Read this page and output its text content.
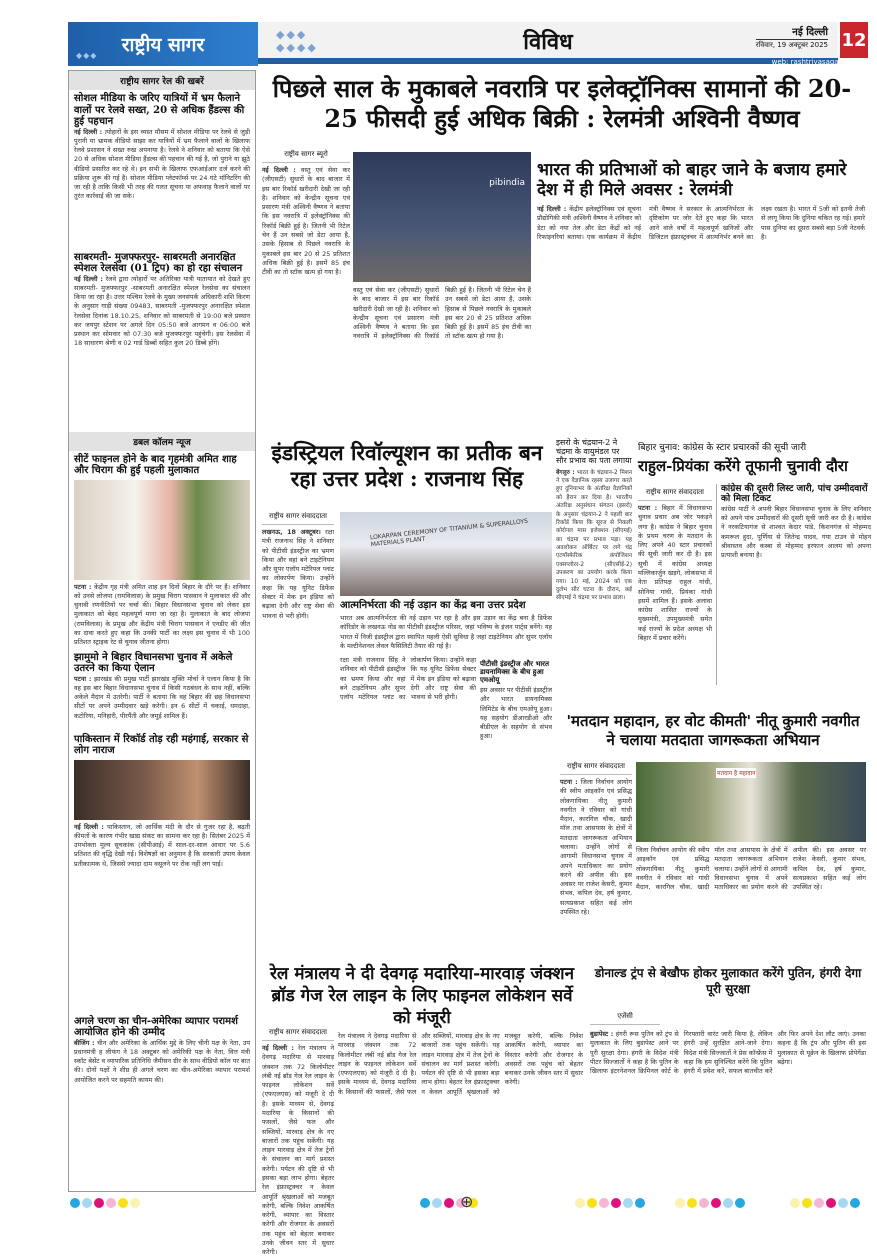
राष्ट्रीय सागर
◆◆◆
◆◆◆
◆◆◆◆	विविध	नई दिल्ली
रविवार, 19 अक्टूबर 2025
web: rashtriyasagar.com
12
राष्ट्रीय सागर रेल की खबरें
सोशल मीडिया के जरिए यात्रियों में भ्रम फैलाने वालों पर रेलवे सख्त, 20 से अधिक हैंडल्स की हुई पहचान
नई दिल्ली : त्योहारों के इस व्यस्त मौसम में सोशल मीडिया पर रेलवे से जुड़ी पुरानी या भ्रामक वीडियो साझा कर यात्रियों में भ्रम फैलाने वालों के खिलाफ रेलवे प्रशासन ने सख्त रुख अपनाया है। रेलवे ने शनिवार को बताया कि ऐसे 20 से अधिक सोशल मीडिया हैंडल्स की पहचान की गई है, जो पुराने या झूठे वीडियो प्रसारित कर रहे थे। इन सभी के खिलाफ एफआईआर दर्ज करने की प्रक्रिया शुरू की गई है। सोशल मीडिया प्लेटफॉर्म्स पर 24 घंटे मॉनिटरिंग की जा रही है ताकि किसी भी तरह की गलत सूचना या अफवाह फैलाने वालों पर तुरंत कार्रवाई की जा सके।
साबरमती- मुजफ्फरपुर- साबरमती अनारक्षित स्पेशल रेलसेवा (01 ट्रिप) का हो रहा संचालन
नई दिल्ली : रेलवे द्वारा त्योहारों पर अतिरिक्त यात्री यातायात को देखते हुए साबरमती- मुजफ्फरपुर -साबरमती अनारक्षित स्पेशल रेलसेवा का संचालन किया जा रहा है। उत्तर पश्चिम रेलवे के मुख्य जनसंपर्क अधिकारी शशि किरण के अनुसार गाड़ी संख्या 09483, साबरमती -मुजफ्फरपुर अनारक्षित स्पेशल रेलसेवा दिनांक 18.10.25, शनिवार को साबरमती से 19:00 बजे प्रस्थान कर जयपुर स्टेशन पर अगले दिन 05:50 बजे आगमन व 06:00 बजे प्रस्थान कर सोमवार को 07:30 बजे मुजफ्फरपुर पहुंचेगी। इस रेलसेवा में 18 साधारण श्रेणी व 02 गार्ड डिब्बों सहित कुल 20 डिब्बे होंगे।
डबल कॉलम न्यूज
सीटें फाइनल होने के बाद गृहमंत्री अमित शाह और चिराग की हुई पहली मुलाकात
पटना : केंद्रीय गृह मंत्री अमित शाह इन दिनों बिहार के दौरे पर हैं। शनिवार को उनसे लोजपा (रामविलास) के प्रमुख चिराग पासवान ने मुलाकात की और चुनावी रणनीतियों पर चर्चा की। बिहार विधानसभा चुनाव को लेकर इस मुलाकात को बेहद महत्वपूर्ण माना जा रहा है। मुलाकात के बाद लोजपा (रामविलास) के प्रमुख और केंद्रीय मंत्री चिराग पासवान ने एनडीए की जीत का दावा करते हुए कहा कि उनकी पार्टी का लक्ष्य इस चुनाव में भी 100 प्रतिशत स्ट्राइक रेट से चुनाव जीतना होगा।
झामुमो ने बिहार विधानसभा चुनाव में अकेले उतरने का किया ऐलान
पटना : झारखंड की प्रमुख पार्टी झारखंड मुक्ति मोर्चा ने एलान किया है कि वह इस बार बिहार विधानसभा चुनाव में किसी गठबंधन के साथ नहीं, बल्कि अकेले मैदान में उतरेगी। पार्टी ने बताया कि वह बिहार की छह विधानसभा सीटों पर अपने उम्मीदवार खड़े करेगी। इन 6 सीटों में चकाई, धमदाहा, कटोरिया, मनिहारी, पीरपैंती और जमुई शामिल हैं।
पाकिस्तान में रिकॉर्ड तोड़ रही महंगाई, सरकार से लोग नाराज
नई दिल्ली : पाकिस्तान, जो आर्थिक मंदी के दौर से गुजर रहा है, बढ़ती कीमतों के कारण गंभीर खाद्य संकट का सामना कर रहा है। सितंबर 2025 में उपभोक्ता मूल्य सूचकांक (सीपीआई) में साल-दर-साल आधार पर 5.6 प्रतिशत की वृद्धि देखी गई। विशेषज्ञों का अनुमान है कि सरकारी उपाय केवल प्रतीकात्मक थे, जिससे ज्यादा दाम वसूलने पर रोक नहीं लग पाई।
अगले चरण का चीन-अमेरिका व्यापार परामर्श आयोजित होने की उम्मीद
बीजिंग : चीन और अमेरिका के आर्थिक मुद्दे के लिए चीनी पक्ष के नेता, उप प्रधानमंत्री ह लीफंग ने 18 अक्टूबर को अमेरिकी पक्ष के नेता, वित्त मंत्री स्कॉट बेसेंट व व्यापारिक प्रतिनिधि जैमीसन ग्रीर के साथ वीडियो कॉल पर बात की। दोनों पक्षों ने शीघ्र ही अगले चरण का चीन-अमेरिका व्यापार परामर्श आयोजित करने पर सहमति कायम की।
पिछले साल के मुकाबले नवरात्रि पर इलेक्ट्रॉनिक्स सामानों की 20-25 फीसदी हुई अधिक बिक्री : रेलमंत्री अश्विनी वैष्णव
राष्ट्रीय सागर ब्यूरो
नई दिल्ली : वस्तु एवं सेवा कर (जीएसटी) सुधारों के बाद बाजार में इस बार रिकॉर्ड खरीदारी देखी जा रही है। शनिवार को केन्द्रीय सूचना एवं प्रसारण मंत्री अश्विनी वैष्णव ने बताया कि इस नवरात्रि में इलेक्ट्रॉनिक्स की रिकॉर्ड बिक्री हुई है। जितनी भी रिटेल चेन हैं उन सबसे जो डेटा आया है, उसके हिसाब से पिछले नवरात्रि के मुकाबले इस बार 20 से 25 प्रतिशत अधिक बिक्री हुई है। इसमें 85 इंच टीवी का तो स्टॉक खत्म हो गया है।
pibindia
वस्तु एवं सेवा कर (जीएसटी) सुधारों के बाद बाजार में इस बार रिकॉर्ड खरीदारी देखी जा रही है। शनिवार को केन्द्रीय सूचना एवं प्रसारण मंत्री अश्विनी वैष्णव ने बताया कि इस नवरात्रि में इलेक्ट्रॉनिक्स की रिकॉर्ड बिक्री हुई है। जितनी भी रिटेल चेन हैं उन सबसे जो डेटा आया है, उसके हिसाब से पिछले नवरात्रि के मुकाबले इस बार 20 से 25 प्रतिशत अधिक बिक्री हुई है। इसमें 85 इंच टीवी का तो स्टॉक खत्म हो गया है।
भारत की प्रतिभाओं को बाहर जाने के बजाय हमारे देश में ही मिले अवसर : रेलमंत्री
नई दिल्ली : केंद्रीय इलेक्ट्रॉनिक्स एवं सूचना प्रौद्योगिकी मंत्री अश्विनी वैष्णव ने शनिवार को डेटा को नया तेल और डेटा केंद्रों को नई रिफाइनरियां बताया। एक कार्यक्रम में केंद्रीय मंत्री वैष्णव ने सरकार के आत्मनिर्भरता के दृष्टिकोण पर जोर देते हुए कहा कि भारत आने वाले वर्षों में महत्वपूर्ण खनिजों और डिजिटल इंफ्रास्ट्रक्चर में आत्मनिर्भर बनने का लक्ष्य रखता है। भारत में 5जी को इतनी तेजी से लागू किया कि दुनिया चकित रह गई। हमारे पास दुनिया का दूसरा सबसे बड़ा 5जी नेटवर्क है।
इंडस्ट्रियल रिवॉल्यूशन का प्रतीक बन रहा उत्तर प्रदेश : राजनाथ सिंह
राष्ट्रीय सागर संवाददाता
लखनऊ, 18 अक्टूबर। रक्षा मंत्री राजनाथ सिंह ने शनिवार को पीटीसी इंडस्ट्रीज का भ्रमण किया और वहां बने टाइटेनियम और सुपर एलॉय मटेरियल प्लांट का लोकार्पण किया। उन्होंने कहा कि यह यूनिट डिफेंस सेक्टर में मेक इन इंडिया को बढ़ावा देगी और राष्ट्र सेवा की भावना से भरी होगी।
LOKARPAN CEREMONY OF TITANIUM & SUPERALLOYS MATERIALS PLANT
आत्मनिर्भरता की नई उड़ान का केंद्र बना उत्तर प्रदेश
भारत अब आत्मनिर्भरता की नई उड़ान भर रहा है और इस उड़ान का केंद्र बना है डिफेंस कॉरिडोर के लखनऊ नोड का पीटीसी इंडस्ट्रीज परिसर, जहां भविष्य के इंजन पार्ट्स बनेंगे। यह भारत में निजी इंडस्ट्रीज द्वारा स्थापित पहली ऐसी सुविधा है जहां टाइटेनियम और सुपर एलॉय के मल्टीनेशनल लेवल फैसिलिटी तैयार की गई है।
रक्षा मंत्री राजनाथ सिंह ने शनिवार को पीटीसी इंडस्ट्रीज का भ्रमण किया और वहां बने टाइटेनियम और सुपर एलॉय मटेरियल प्लांट का लोकार्पण किया। उन्होंने कहा कि यह यूनिट डिफेंस सेक्टर में मेक इन इंडिया को बढ़ावा देगी और राष्ट्र सेवा की भावना से भरी होगी।
पीटीसी इंडस्ट्रीज और भारत डायनामिक्स के बीच हुआ एमओयू
इस अवसर पर पीटीसी इंडस्ट्रीज और भारत डायनामिक्स लिमिटेड के बीच एमओयू हुआ। यह सहयोग डीआरडीओ और बीडीएल के सहयोग से संभव हुआ।
इसरो के चंद्रयान-2 ने चंद्रमा के वायुमंडल पर सौर प्रभाव का पता लगाया
बेंगलुरु : भारत के चंद्रयान-2 मिशन ने एक वैज्ञानिक रहस्य उजागर करते हुए दुनियाभर के अंतरिक्ष वैज्ञानिकों को हैरान कर दिया है। भारतीय अंतरिक्ष अनुसंधान संगठन (इसरो) के अनुसार चंद्रयान-2 ने पहली बार रिकॉर्ड किया कि सूरज से निकली कोरोनल मास इजेक्शन (सीएमई) का चंद्रमा पर प्रभाव पड़ा। यह अवलोकन ऑर्बिटर पर लगे चंद्र एटमॉस्फेरिक कंपोजिशन एक्सप्लोरर-2 (सीएसीई-2) उपकरण का उपयोग करके किया गया। 10 मई, 2024 को एक दुर्लभ सौर घटना के दौरान, कई सीएमई ने चंद्रमा पर प्रभाव डाला।
बिहार चुनाव: कांग्रेस के स्टार प्रचारकों की सूची जारी
राहुल-प्रियंका करेंगे तूफानी चुनावी दौरा
राष्ट्रीय सागर संवाददाता
पटना : बिहार में विधानसभा चुनाव प्रचार अब जोर पकड़ने लगा है। कांग्रेस ने बिहार चुनाव के प्रथम चरण के मतदान के लिए अपने 40 स्टार प्रचारकों की सूची जारी कर दी है। इस सूची में कांग्रेस अध्यक्ष मल्लिकार्जुन खड़गे, लोकसभा में नेता प्रतिपक्ष राहुल गांधी, सोनिया गांधी, प्रियंका गांधी इसमें शामिल हैं। इसके अलावा कांग्रेस शासित राज्यों के मुख्यमंत्री, उपमुख्यमंत्री समेत कई राज्यों के प्रदेश अध्यक्ष भी बिहार में प्रचार करेंगे।
कांग्रेस की दूसरी लिस्ट जारी, पांच उम्मीदवारों को मिला टिकट
कांग्रेस पार्टी ने अपनी बिहार विधानसभा चुनाव के लिए शनिवार को अपने पांच उम्मीदवारों की दूसरी सूची जारी कर दी है। कांग्रेस ने नरकटियागंज से शाश्वत केदार पांडे, किशनगंज से मोहम्मद कमरूल हुदा, पूर्णिया से जितेन्द्र यादव, गया टाउन से मोहन श्रीवास्तव और कस्बा से मोहम्मद इरफान आलम को अपना प्रत्याशी बनाया है।
'मतदान महादान, हर वोट कीमती' नीतू कुमारी नवगीत ने चलाया मतदाता जागरूकता अभियान
राष्ट्रीय सागर संवाददाता
पटना : जिला निर्वाचन आयोग की स्वीप आइकॉन एवं प्रसिद्ध लोकगायिका नीतू कुमारी नवगीत ने रविवार को गांधी मैदान, कारगिल चौक, खादी मॉल तथा आसपास के क्षेत्रों में मतदाता जागरूकता अभियान चलाया। उन्होंने लोगों से आगामी विधानसभा चुनाव में अपने मताधिकार का प्रयोग करने की अपील की। इस अवसर पर राजेश केसरी, कुमार संभव, कपिल देव, हर्ष कुमार, सत्यप्रकाश सहित कई लोग उपस्थित रहे।
मतदान है महादान
जिला निर्वाचन आयोग की स्वीप आइकॉन एवं प्रसिद्ध लोकगायिका नीतू कुमारी नवगीत ने रविवार को गांधी मैदान, कारगिल चौक, खादी मॉल तथा आसपास के क्षेत्रों में मतदाता जागरूकता अभियान चलाया। उन्होंने लोगों से आगामी विधानसभा चुनाव में अपने मताधिकार का प्रयोग करने की अपील की। इस अवसर पर राजेश केसरी, कुमार संभव, कपिल देव, हर्ष कुमार, सत्यप्रकाश सहित कई लोग उपस्थित रहे।
रेल मंत्रालय ने दी देवगढ़ मदारिया-मारवाड़ जंक्शन ब्रॉड गेज रेल लाइन के लिए फाइनल लोकेशन सर्वे को मंजूरी
राष्ट्रीय सागर संवाददाता
नई दिल्ली : रेल मंत्रालय ने देवगढ़ मदारिया से मारवाड़ जंक्शन तक 72 किलोमीटर लंबी नई ब्रॉड गेज रेल लाइन के फाइनल लोकेशन सर्वे (एफएलएस) को मंजूरी दे दी है। इसके माध्यम से, देवगढ़ मदारिया के किसानों की फसलों, जैसे फल और सब्जियों, मारवाड़ क्षेत्र के नए बाजारों तक पहुंच सकेंगी। यह लाइन मारवाड़ क्षेत्र में तेज ट्रेनों के संचालन का मार्ग प्रशस्त करेगी। पर्यटन की दृष्टि से भी इसका बड़ा लाभ होगा। बेहतर रेल इंफ्रास्ट्रक्चर न केवल आपूर्ति श्रृंखलाओं को मजबूत करेगी, बल्कि निवेश आकर्षित करेगी, व्यापार का विस्तार करेगी और रोजगार के अवसरों तक पहुंच को बेहतर बनाकर उनके जीवन स्तर में सुधार करेगी।
रेल मंत्रालय ने देवगढ़ मदारिया से मारवाड़ जंक्शन तक 72 किलोमीटर लंबी नई ब्रॉड गेज रेल लाइन के फाइनल लोकेशन सर्वे (एफएलएस) को मंजूरी दे दी है। इसके माध्यम से, देवगढ़ मदारिया के किसानों की फसलों, जैसे फल और सब्जियों, मारवाड़ क्षेत्र के नए बाजारों तक पहुंच सकेंगी। यह लाइन मारवाड़ क्षेत्र में तेज ट्रेनों के संचालन का मार्ग प्रशस्त करेगी। पर्यटन की दृष्टि से भी इसका बड़ा लाभ होगा। बेहतर रेल इंफ्रास्ट्रक्चर न केवल आपूर्ति श्रृंखलाओं को मजबूत करेगी, बल्कि निवेश आकर्षित करेगी, व्यापार का विस्तार करेगी और रोजगार के अवसरों तक पहुंच को बेहतर बनाकर उनके जीवन स्तर में सुधार करेगी।
डोनाल्ड ट्रंप से बेखौफ होकर मुलाकात करेंगे पुतिन, हंगरी देगा पूरी सुरक्षा
एजेंसी
बुडापेस्ट : हंगरी रूस पुतिन को ट्रंप से मुलाकात के लिए बुडापेस्ट आने पर पूरी सुरक्षा देगा। हंगरी के विदेश मंत्री पीटर सिज्जार्तो ने कहा है कि पुतिन के खिलाफ इंटरनेशनल क्रिमिनल कोर्ट के गिरफ्तारी वारंट जारी किया है, लेकिन हंगरी उन्हें सुरक्षित आने-जाने देगा। विदेश मंत्री सिज्जार्तो ने प्रेस कॉन्फ्रेंस में कहा कि हम सुनिश्चित करेंगे कि पुतिन हंगरी में प्रवेश करें, सफल बातचीत करें और फिर अपने देश लौट जाएं। उनका कहना है कि ट्रंप और पुतिन की इस मुलाकात से यूक्रेन के खिलाफ प्रोपेगेंडा बढ़ेगा।
⊕
